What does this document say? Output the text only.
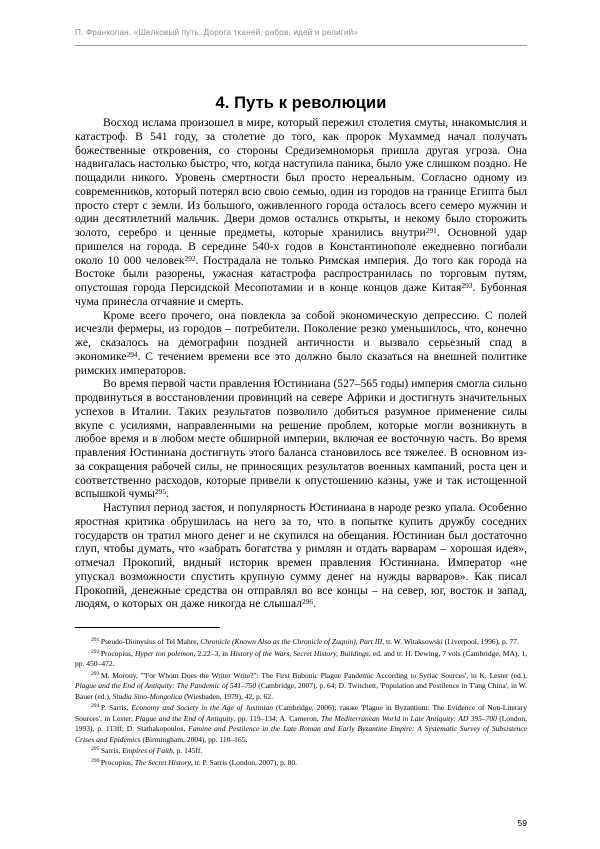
П. Франкопан. «Шелковый путь. Дорога тканей, рабов, идей и религий»
4. Путь к революции

Восход ислама произошел в мире, который пережил столетия смуты, инакомыслия и катастроф. В 541 году, за столетие до того, как пророк Мухаммед начал получать божественные откровения, со стороны Средиземноморья пришла другая угроза. Она надвигалась настолько быстро, что, когда наступила паника, было уже слишком поздно. Не пощадили никого. Уровень смертности был просто нереальным. Согласно одному из современников, который потерял всю свою семью, один из городов на границе Египта был просто стерт с земли. Из большого, оживленного города осталось всего семеро мужчин и один десятилетний мальчик. Двери домов остались открыты, и некому было сторожить золото, серебро и ценные предметы, которые хранились внутри$^{291}$. Основной удар пришелся на города. В середине 540-х годов в Константинополе ежедневно погибали около 10 000 человек$^{292}$. Пострадала не только Римская империя. До того как города на Востоке были разорены, ужасная катастрофа распространилась по торговым путям, опустошая города Персидской Месопотамии и в конце концов даже Китая$^{293}$. Бубонная чума принесла отчаяние и смерть.

Кроме всего прочего, она повлекла за собой экономическую депрессию. С полей исчезли фермеры, из городов – потребители. Поколение резко уменьшилось, что, конечно же, сказалось на демографии поздней античности и вызвало серьезный спад в экономике$^{294}$. С течением времени все это должно было сказаться на внешней политике римских императоров.

Во время первой части правления Юстиниана (527–565 годы) империя смогла сильно продвинуться в восстановлении провинций на севере Африки и достигнуть значительных успехов в Италии. Таких результатов позволило добиться разумное применение силы вкупе с усилиями, направленными на решение проблем, которые могли возникнуть в любое время и в любом месте обширной империи, включая ее восточную часть. Во время правления Юстиниана достигнуть этого баланса становилось все тяжелее. В основном из-за сокращения рабочей силы, не приносящих результатов военных кампаний, роста цен и соответственно расходов, которые привели к опустошению казны, уже и так истощенной вспышкой чумы$^{295}$.

Наступил период застоя, и популярность Юстиниана в народе резко упала. Особенно яростная критика обрушилась на него за то, что в попытке купить дружбу соседних государств он тратил много денег и не скупился на обещания. Юстиниан был достаточно глуп, чтобы думать, что «забрать богатства у римлян и отдать варварам – хорошая идея», отмечал Прокопий, видный историк времен правления Юстиниана. Император «не упускал возможности спустить крупную сумму денег на нужды варваров». Как писал Прокопий, денежные средства он отправлял во все концы – на север, юг, восток и запад, людям, о которых он даже никогда не слышал$^{296}$.

$^{291}$ Pseudo-Dionysius of Tel Mahre, Chronicle (Known Also as the Chronicle of Zuqnin), Part III, tr. W. Witaksowski (Liverpool, 1996), p. 77.

$^{292}$ Procopius, Hyper ton polemon, 2.22–3, in History of the Wars, Secret History, Buildings, ed. and tr. H. Dewing, 7 vols (Cambridge, MA), 1, pp. 450–472.

$^{293}$ M. Morony, '"For Whom Does the Writer Write?": The First Bubonic Plague Pandemic According to Syriac Sources', in K. Lester (ed.), Plague and the End of Antiquity: The Pandemic of 541–750 (Cambridge, 2007), p. 64; D. Twitchett, 'Population and Pestilence in T'ang China', in W. Bauer (ed.), Studia Sino-Mongolica (Wiesbaden, 1979), 42, p. 62.

$^{294}$ P. Sarris, Economy and Society in the Age of Justinian (Cambridge, 2006); также 'Plague in Byzantium: The Evidence of Non-Literary Sources', in Lester, Plague and the End of Antiquity, pp. 119–134; A. Cameron, The Mediterranean World in Late Antiquity: AD 395–700 (London, 1993), p. 113ff; D. Stathakopoulos, Famine and Pestilence in the Late Roman and Early Byzantine Empire: A Systematic Survey of Subsistence Crises and Epidemics (Birmingham, 2004), pp. 110–165.

$^{295}$ Sarris, Empires of Faith, p. 145ff.

$^{296}$ Procopius, The Secret History, tr. P. Sarris (London, 2007), p. 80.

59
